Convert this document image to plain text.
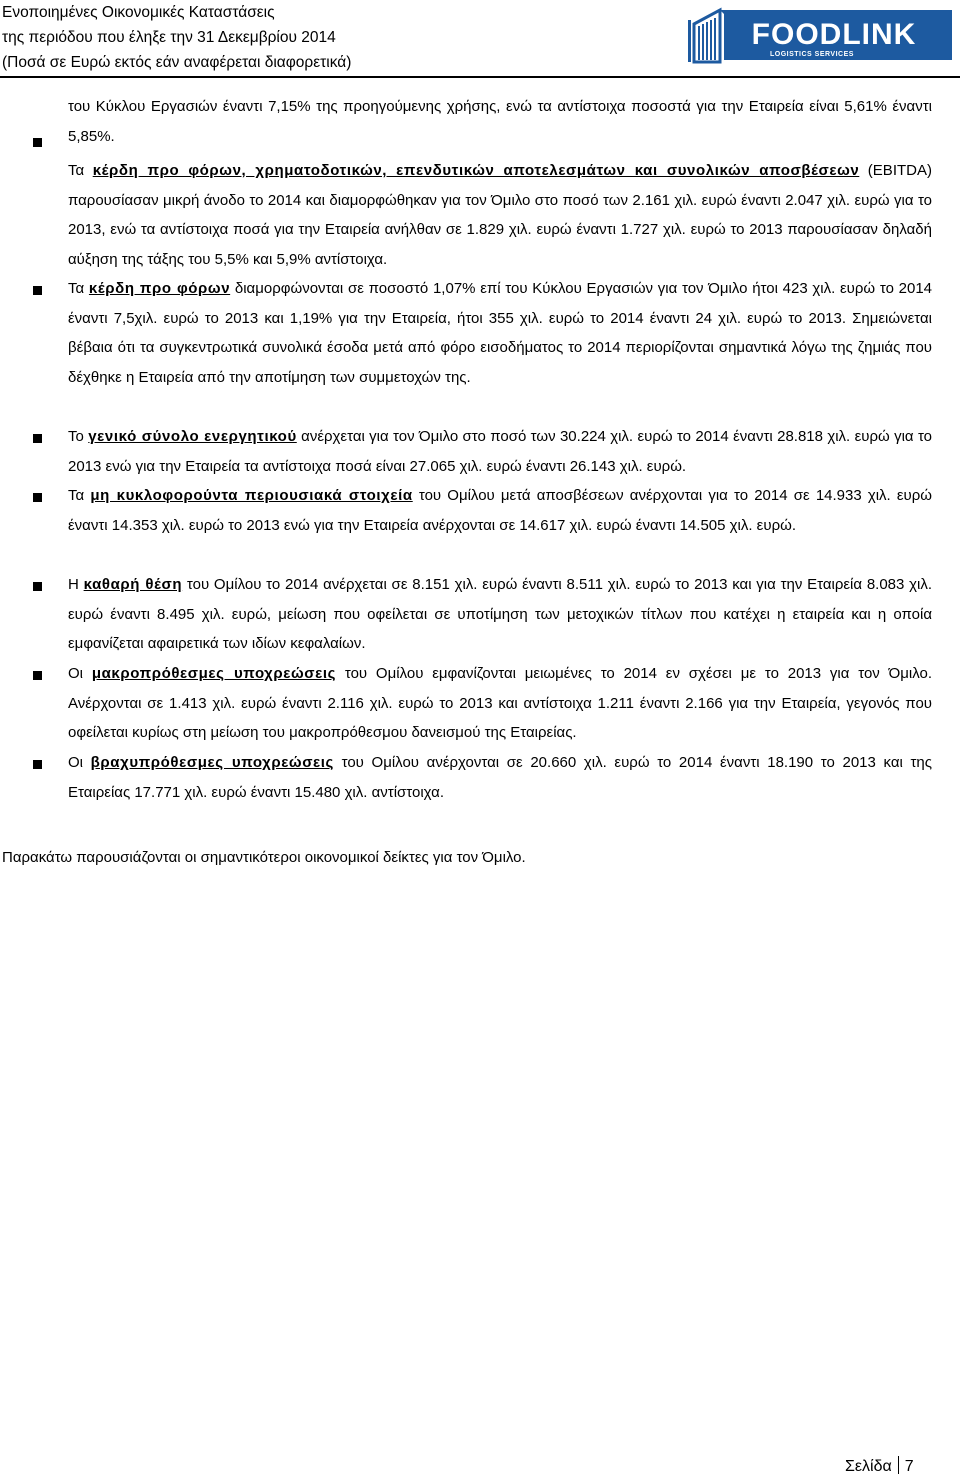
Ενοποιημένες Οικονομικές Καταστάσεις
της περιόδου που έληξε την 31 Δεκεμβρίου 2014
(Ποσά σε Ευρώ εκτός εάν αναφέρεται διαφορετικά)
FOODLINK
LOGISTICS SERVICES

του Κύκλου Εργασιών έναντι 7,15% της προηγούμενης χρήσης, ενώ τα αντίστοιχα ποσοστά για την Εταιρεία είναι 5,61% έναντι 5,85%.

Τα κέρδη προ φόρων, χρηματοδοτικών, επενδυτικών αποτελεσμάτων και συνολικών αποσβέσεων (EBITDA) παρουσίασαν μικρή άνοδο το 2014 και διαμορφώθηκαν για τον Όμιλο στο ποσό των 2.161 χιλ. ευρώ έναντι 2.047 χιλ. ευρώ για το 2013, ενώ τα αντίστοιχα ποσά για την Εταιρεία ανήλθαν σε 1.829 χιλ. ευρώ έναντι 1.727 χιλ. ευρώ το 2013 παρουσίασαν δηλαδή αύξηση της τάξης του 5,5% και 5,9% αντίστοιχα.

Τα κέρδη προ φόρων διαμορφώνονται σε ποσοστό 1,07% επί του Κύκλου Εργασιών για τον Όμιλο ήτοι 423 χιλ. ευρώ το 2014 έναντι 7,5χιλ. ευρώ το 2013 και 1,19% για την Εταιρεία, ήτοι 355 χιλ. ευρώ το 2014 έναντι 24 χιλ. ευρώ το 2013. Σημειώνεται βέβαια ότι τα συγκεντρωτικά συνολικά έσοδα μετά από φόρο εισοδήματος το 2014 περιορίζονται σημαντικά λόγω της ζημιάς που δέχθηκε η Εταιρεία από την αποτίμηση των συμμετοχών της.

Το γενικό σύνολο ενεργητικού ανέρχεται για τον Όμιλο στο ποσό των 30.224 χιλ. ευρώ το 2014 έναντι 28.818 χιλ. ευρώ για το 2013 ενώ για την Εταιρεία τα αντίστοιχα ποσά είναι 27.065 χιλ. ευρώ έναντι 26.143 χιλ. ευρώ.

Τα μη κυκλοφορούντα περιουσιακά στοιχεία του Ομίλου μετά αποσβέσεων ανέρχονται για το 2014 σε 14.933 χιλ. ευρώ έναντι 14.353 χιλ. ευρώ το 2013 ενώ για την Εταιρεία ανέρχονται σε 14.617 χιλ. ευρώ έναντι 14.505 χιλ. ευρώ.

Η καθαρή θέση του Ομίλου το 2014 ανέρχεται σε 8.151 χιλ. ευρώ έναντι 8.511 χιλ. ευρώ το 2013 και για την Εταιρεία 8.083 χιλ. ευρώ έναντι 8.495 χιλ. ευρώ, μείωση που οφείλεται σε υποτίμηση των μετοχικών τίτλων που κατέχει η εταιρεία και η οποία εμφανίζεται αφαιρετικά των ιδίων κεφαλαίων.

Οι μακροπρόθεσμες υποχρεώσεις του Ομίλου εμφανίζονται μειωμένες το 2014 εν σχέσει με το 2013 για τον Όμιλο. Ανέρχονται σε 1.413 χιλ. ευρώ έναντι 2.116 χιλ. ευρώ το 2013 και αντίστοιχα 1.211 έναντι 2.166 για την Εταιρεία, γεγονός που οφείλεται κυρίως στη μείωση του μακροπρόθεσμου δανεισμού της Εταιρείας.

Οι βραχυπρόθεσμες υποχρεώσεις του Ομίλου ανέρχονται σε 20.660 χιλ. ευρώ το 2014 έναντι 18.190 το 2013 και της Εταιρείας 17.771 χιλ. ευρώ έναντι 15.480 χιλ. αντίστοιχα.

Παρακάτω παρουσιάζονται οι σημαντικότεροι οικονομικοί δείκτες για τον Όμιλο.
Σελίδα 7
